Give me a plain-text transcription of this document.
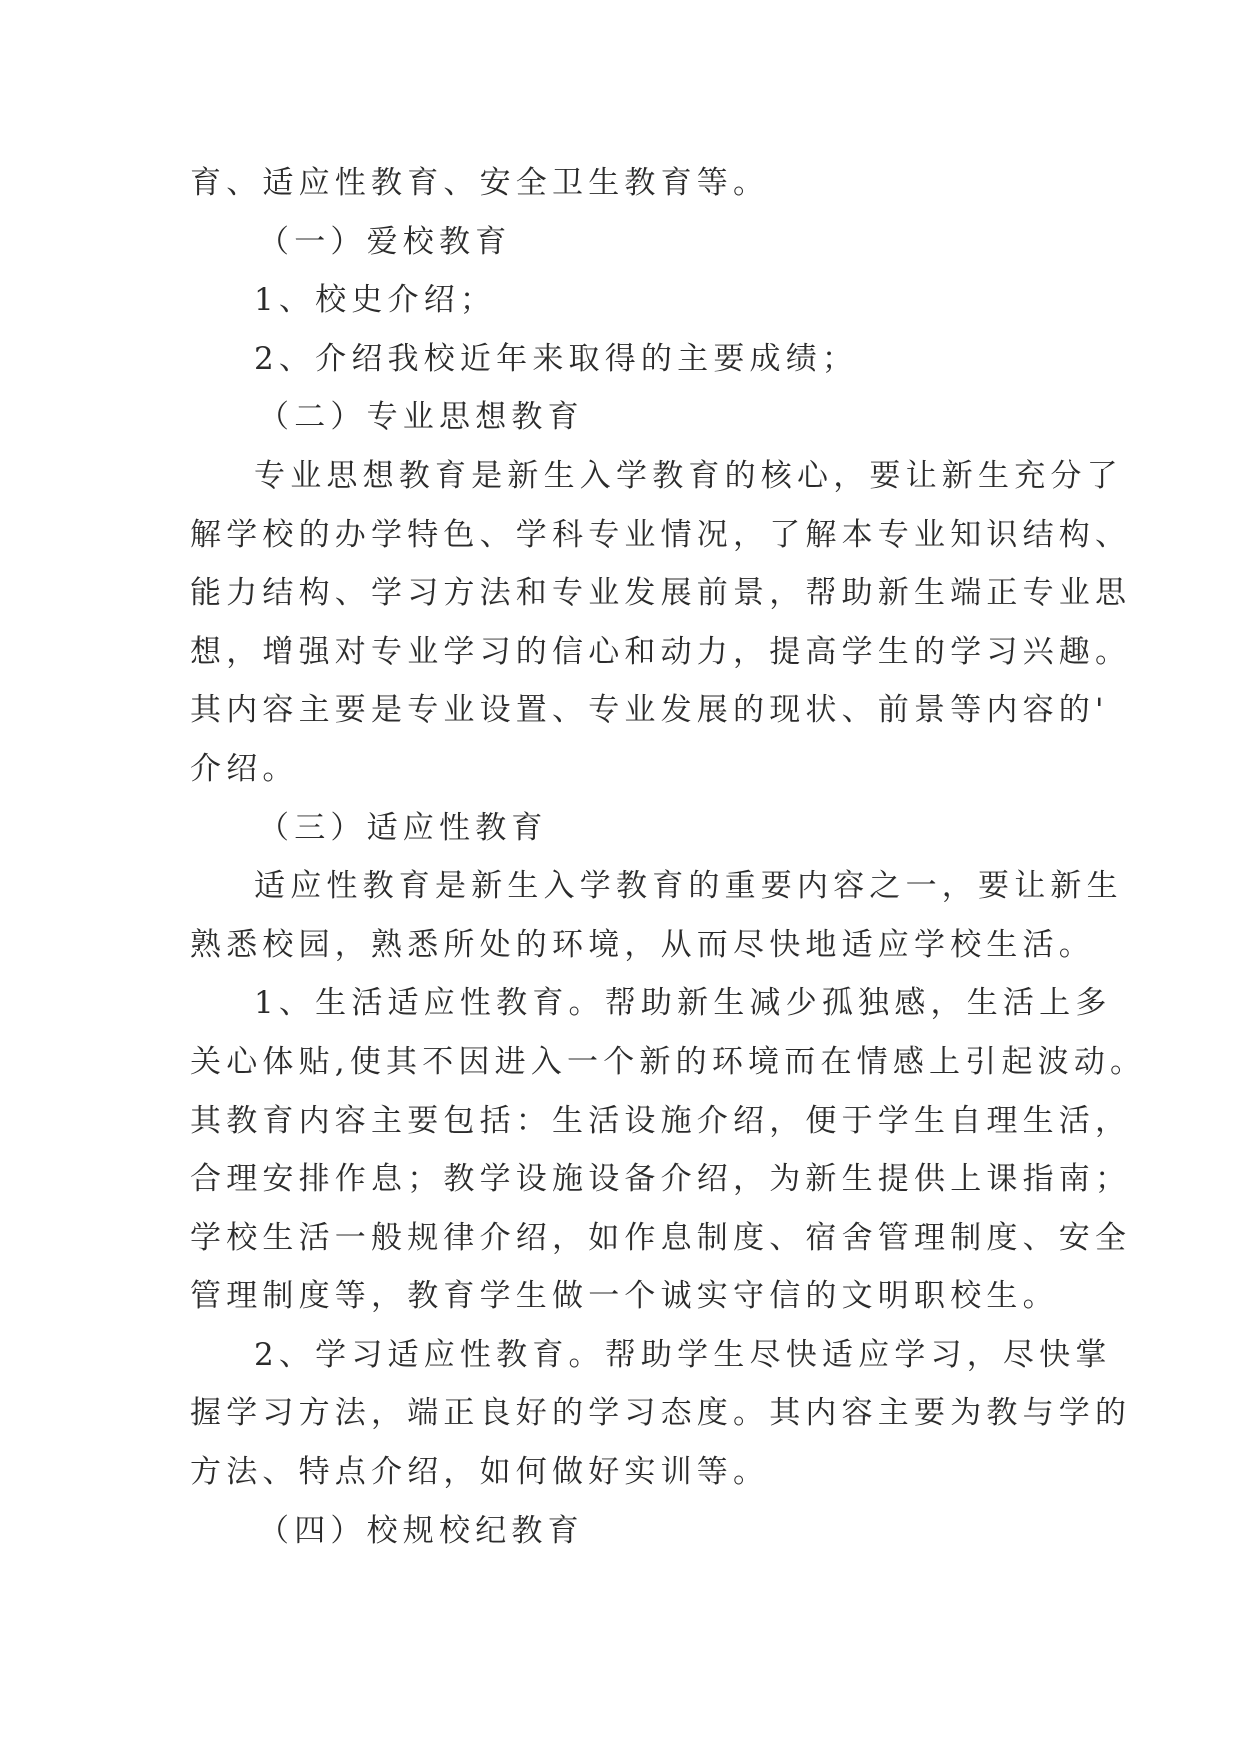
育、适应性教育、安全卫生教育等。
（一）爱校教育
1、校史介绍；
2、介绍我校近年来取得的主要成绩；
（二）专业思想教育
专业思想教育是新生入学教育的核心，要让新生充分了
解学校的办学特色、学科专业情况，了解本专业知识结构、
能力结构、学习方法和专业发展前景，帮助新生端正专业思
想，增强对专业学习的信心和动力，提高学生的学习兴趣。
其内容主要是专业设置、专业发展的现状、前景等内容的'
介绍。
（三）适应性教育
适应性教育是新生入学教育的重要内容之一，要让新生
熟悉校园，熟悉所处的环境，从而尽快地适应学校生活。
1、生活适应性教育。帮助新生减少孤独感，生活上多
关心体贴,使其不因进入一个新的环境而在情感上引起波动。
其教育内容主要包括：生活设施介绍，便于学生自理生活，
合理安排作息；教学设施设备介绍，为新生提供上课指南；
学校生活一般规律介绍，如作息制度、宿舍管理制度、安全
管理制度等，教育学生做一个诚实守信的文明职校生。
2、学习适应性教育。帮助学生尽快适应学习，尽快掌
握学习方法，端正良好的学习态度。其内容主要为教与学的
方法、特点介绍，如何做好实训等。
（四）校规校纪教育
